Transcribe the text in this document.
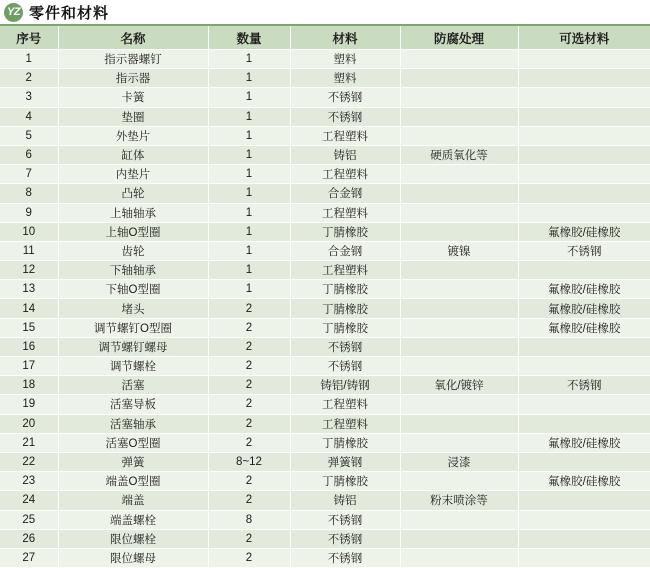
YZ 零件和材料
序号	名称	数量	材料	防腐处理	可选材料
1	指示器螺钉	1	塑料		
2	指示器	1	塑料		
3	卡簧	1	不锈钢		
4	垫圈	1	不锈钢		
5	外垫片	1	工程塑料		
6	缸体	1	铸铝	硬质氧化等	
7	内垫片	1	工程塑料		
8	凸轮	1	合金钢		
9	上轴轴承	1	工程塑料		
10	上轴O型圈	1	丁腈橡胶		氟橡胶/硅橡胶
11	齿轮	1	合金钢	镀镍	不锈钢
12	下轴轴承	1	工程塑料		
13	下轴O型圈	1	丁腈橡胶		氟橡胶/硅橡胶
14	堵头	2	丁腈橡胶		氟橡胶/硅橡胶
15	调节螺钉O型圈	2	丁腈橡胶		氟橡胶/硅橡胶
16	调节螺钉螺母	2	不锈钢		
17	调节螺栓	2	不锈钢		
18	活塞	2	铸铝/铸钢	氧化/镀锌	不锈钢
19	活塞导板	2	工程塑料		
20	活塞轴承	2	工程塑料		
21	活塞O型圈	2	丁腈橡胶		氟橡胶/硅橡胶
22	弹簧	8~12	弹簧钢	浸漆	
23	端盖O型圈	2	丁腈橡胶		氟橡胶/硅橡胶
24	端盖	2	铸铝	粉末喷涂等	
25	端盖螺栓	8	不锈钢		
26	限位螺栓	2	不锈钢		
27	限位螺母	2	不锈钢		
